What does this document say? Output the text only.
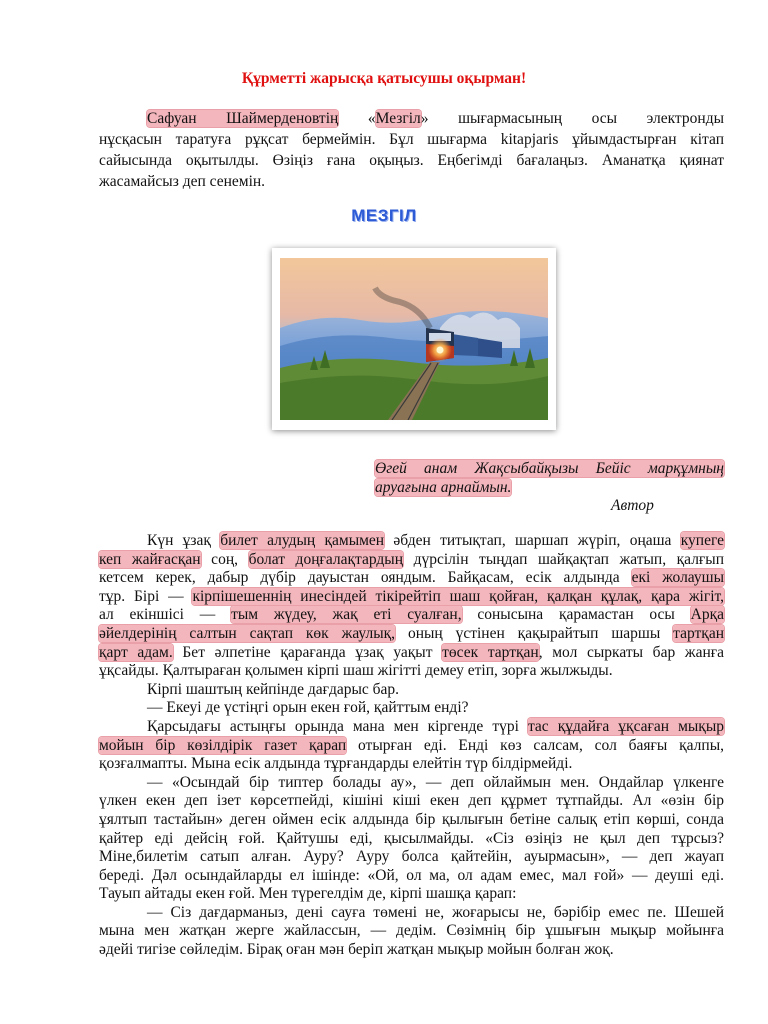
Құрметті жарысқа қатысушы оқырман!
Сафуан Шаймерденовтің «Мезгіл» шығармасының осы электронды
нұсқасын таратуға рұқсат бермеймін. Бұл шығарма kitapjaris ұйымдастырған кітап
сайысында оқытылды. Өзіңіз ғана оқыңыз. Еңбегімді бағалаңыз. Аманатқа қиянат
жасамайсыз деп сенемін.
МЕЗГІЛ
Өгей анам Жақсыбайқызы Бейіс марқұмның
аруағына арнаймын.
Автор
Күн ұзақ билет алудың қамымен әбден титықтап, шаршап жүріп, оңаша купеге
кеп жайғасқан соң, болат доңғалақтардың дүрсілін тыңдап шайқақтап жатып, қалғып
кетсем керек, дабыр дүбір дауыстан ояндым. Байқасам, есік алдында екі жолаушы
тұр. Бірі — кірпішешеннің инесіндей тікірейтіп шаш қойған, қалқан құлақ, қара жігіт,
ал екіншісі — тым жүдеу, жақ еті суалған, сонысына қарамастан осы Арқа
әйелдерінің салтын сақтап көк жаулық, оның үстінен қақырайтып шаршы тартқан
қарт адам. Бет әлпетіне қарағанда ұзақ уақыт төсек тартқан, мол сыркаты бар жанға
ұқсайды. Қалтыраған қолымен кірпі шаш жігітті демеу етіп, зорға жылжыды.
Кірпі шаштың кейпінде дағдарыс бар.
— Екеуі де үстіңгі орын екен ғой, қайттым енді?
Қарсыдағы астыңғы орында мана мен кіргенде түрі тас құдайға ұқсаған мықыр
мойын бір көзілдірік газет қарап отырған еді. Енді көз салсам, сол баяғы қалпы,
қозғалмапты. Мына есік алдында тұрғандарды елейтін түр білдірмейді.
— «Осындай бір типтер болады ау», — деп ойлаймын мен. Ондайлар үлкенге
үлкен екен деп ізет көрсетпейді, кішіні кіші екен деп құрмет тұтпайды. Ал «өзін бір
ұялтып тастайын» деген оймен есік алдында бір қылығын бетіне салық етіп көрші, сонда
қайтер еді дейсің ғой. Қайтушы еді, қысылмайды. «Сіз өзіңіз не қыл деп тұрсыз?
Міне,билетім сатып алған. Ауру? Ауру болса қайтейін, ауырмасын», — деп жауап
береді. Дәл осындайларды ел ішінде: «Ой, ол ма, ол адам емес, мал ғой» — деуші еді.
Тауып айтады екен ғой. Мен түрегелдім де, кірпі шашқа қарап:
— Сіз дағдарманыз, дені сауға төмені не, жоғарысы не, бәрібір емес пе. Шешей
мына мен жатқан жерге жайлассын, — дедім. Сөзімнің бір ұшығын мықыр мойынға
әдейі тигізе сөйледім. Бірақ оған мән беріп жатқан мықыр мойын болған жоқ.
